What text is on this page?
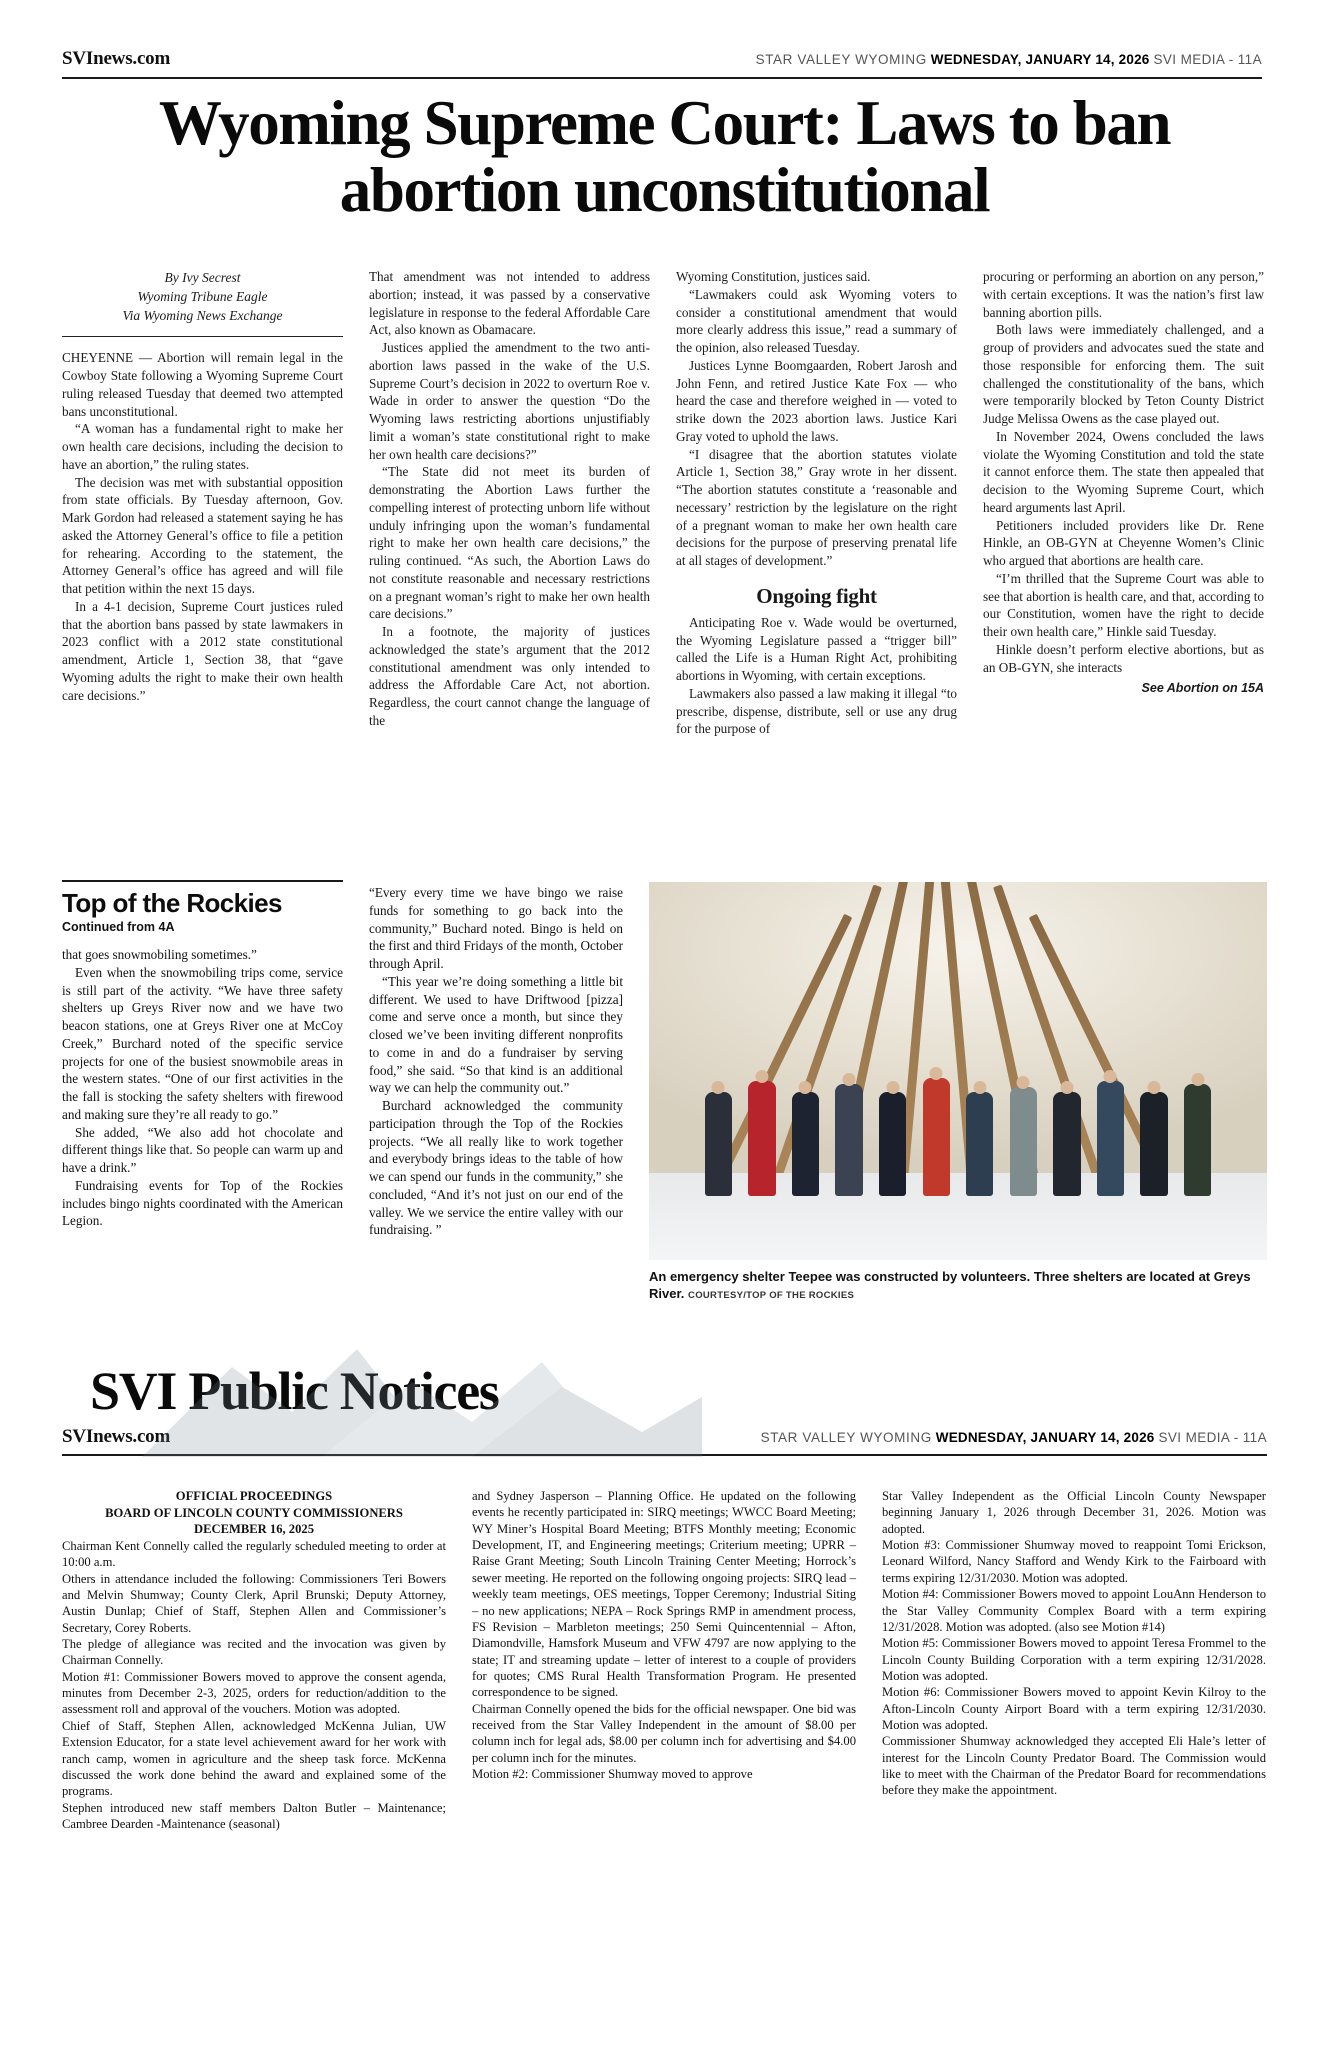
SVInews.com	STAR VALLEY WYOMING WEDNESDAY, JANUARY 14, 2026 SVI MEDIA - 11A
Wyoming Supreme Court: Laws to ban abortion unconstitutional
By Ivy Secrest
Wyoming Tribune Eagle
Via Wyoming News Exchange

CHEYENNE — Abortion will remain legal in the Cowboy State following a Wyoming Supreme Court ruling released Tuesday that deemed two attempted bans unconstitutional.

“A woman has a fundamental right to make her own health care decisions, including the decision to have an abortion,” the ruling states.

The decision was met with substantial opposition from state officials. By Tuesday afternoon, Gov. Mark Gordon had released a statement saying he has asked the Attorney General’s office to file a petition for rehearing. According to the statement, the Attorney General’s office has agreed and will file that petition within the next 15 days.

In a 4-1 decision, Supreme Court justices ruled that the abortion bans passed by state lawmakers in 2023 conflict with a 2012 state constitutional amendment, Article 1, Section 38, that “gave Wyoming adults the right to make their own health care decisions.”

That amendment was not intended to address abortion; instead, it was passed by a conservative legislature in response to the federal Affordable Care Act, also known as Obamacare.

Justices applied the amendment to the two anti-abortion laws passed in the wake of the U.S. Supreme Court’s decision in 2022 to overturn Roe v. Wade in order to answer the question “Do the Wyoming laws restricting abortions unjustifiably limit a woman’s state constitutional right to make her own health care decisions?”

“The State did not meet its burden of demonstrating the Abortion Laws further the compelling interest of protecting unborn life without unduly infringing upon the woman’s fundamental right to make her own health care decisions,” the ruling continued. “As such, the Abortion Laws do not constitute reasonable and necessary restrictions on a pregnant woman’s right to make her own health care decisions.”

In a footnote, the majority of justices acknowledged the state’s argument that the 2012 constitutional amendment was only intended to address the Affordable Care Act, not abortion. Regardless, the court cannot change the language of the

Wyoming Constitution, justices said.

“Lawmakers could ask Wyoming voters to consider a constitutional amendment that would more clearly address this issue,” read a summary of the opinion, also released Tuesday.

Justices Lynne Boomgaarden, Robert Jarosh and John Fenn, and retired Justice Kate Fox — who heard the case and therefore weighed in — voted to strike down the 2023 abortion laws. Justice Kari Gray voted to uphold the laws.

“I disagree that the abortion statutes violate Article 1, Section 38,” Gray wrote in her dissent. “The abortion statutes constitute a ‘reasonable and necessary’ restriction by the legislature on the right of a pregnant woman to make her own health care decisions for the purpose of preserving prenatal life at all stages of development.”

Ongoing fight

Anticipating Roe v. Wade would be overturned, the Wyoming Legislature passed a “trigger bill” called the Life is a Human Right Act, prohibiting abortions in Wyoming, with certain exceptions.

Lawmakers also passed a law making it illegal “to prescribe, dispense, distribute, sell or use any drug for the purpose of

procuring or performing an abortion on any person,” with certain exceptions. It was the nation’s first law banning abortion pills.

Both laws were immediately challenged, and a group of providers and advocates sued the state and those responsible for enforcing them. The suit challenged the constitutionality of the bans, which were temporarily blocked by Teton County District Judge Melissa Owens as the case played out.

In November 2024, Owens concluded the laws violate the Wyoming Constitution and told the state it cannot enforce them. The state then appealed that decision to the Wyoming Supreme Court, which heard arguments last April.

Petitioners included providers like Dr. Rene Hinkle, an OB-GYN at Cheyenne Women’s Clinic who argued that abortions are health care.

“I’m thrilled that the Supreme Court was able to see that abortion is health care, and that, according to our Constitution, women have the right to decide their own health care,” Hinkle said Tuesday.

Hinkle doesn’t perform elective abortions, but as an OB-GYN, she interacts

See Abortion on 15A
Top of the Rockies
Continued from 4A

that goes snowmobiling sometimes.”

Even when the snowmobiling trips come, service is still part of the activity. “We have three safety shelters up Greys River now and we have two beacon stations, one at Greys River one at McCoy Creek,” Burchard noted of the specific service projects for one of the busiest snowmobile areas in the western states. “One of our first activities in the the fall is stocking the safety shelters with firewood and making sure they’re all ready to go.”

She added, “We also add hot chocolate and different things like that. So people can warm up and have a drink.”

Fundraising events for Top of the Rockies includes bingo nights coordinated with the American Legion.

“Every every time we have bingo we raise funds for something to go back into the community,” Buchard noted. Bingo is held on the first and third Fridays of the month, October through April.

“This year we’re doing something a little bit different. We used to have Driftwood [pizza] come and serve once a month, but since they closed we’ve been inviting different nonprofits to come in and do a fundraiser by serving food,” she said. “So that kind is an additional way we can help the community out.”

Burchard acknowledged the community participation through the Top of the Rockies projects. “We all really like to work together and everybody brings ideas to the table of how we can spend our funds in the community,” she concluded, “And it’s not just on our end of the valley. We we service the entire valley with our fundraising. ”

An emergency shelter Teepee was constructed by volunteers. Three shelters are located at Greys River. COURTESY/TOP OF THE ROCKIES
SVI Public Notices
SVInews.com	STAR VALLEY WYOMING WEDNESDAY, JANUARY 14, 2026 SVI MEDIA - 11A

OFFICIAL PROCEEDINGS

BOARD OF LINCOLN COUNTY COMMISSIONERS

DECEMBER 16, 2025

Chairman Kent Connelly called the regularly scheduled meeting to order at 10:00 a.m.

Others in attendance included the following: Commissioners Teri Bowers and Melvin Shumway; County Clerk, April Brunski; Deputy Attorney, Austin Dunlap; Chief of Staff, Stephen Allen and Commissioner’s Secretary, Corey Roberts.

The pledge of allegiance was recited and the invocation was given by Chairman Connelly.

Motion #1: Commissioner Bowers moved to approve the consent agenda, minutes from December 2-3, 2025, orders for reduction/addition to the assessment roll and approval of the vouchers. Motion was adopted.

Chief of Staff, Stephen Allen, acknowledged McKenna Julian, UW Extension Educator, for a state level achievement award for her work with ranch camp, women in agriculture and the sheep task force. McKenna discussed the work done behind the award and explained some of the programs.

Stephen introduced new staff members Dalton Butler – Maintenance; Cambree Dearden -Maintenance (seasonal)

and Sydney Jasperson – Planning Office. He updated on the following events he recently participated in: SIRQ meetings; WWCC Board Meeting; WY Miner’s Hospital Board Meeting; BTFS Monthly meeting; Economic Development, IT, and Engineering meetings; Criterium meeting; UPRR – Raise Grant Meeting; South Lincoln Training Center Meeting; Horrock’s sewer meeting. He reported on the following ongoing projects: SIRQ lead – weekly team meetings, OES meetings, Topper Ceremony; Industrial Siting – no new applications; NEPA – Rock Springs RMP in amendment process, FS Revision – Marbleton meetings; 250 Semi Quincentennial – Afton, Diamondville, Hamsfork Museum and VFW 4797 are now applying to the state; IT and streaming update – letter of interest to a couple of providers for quotes; CMS Rural Health Transformation Program. He presented correspondence to be signed.

Chairman Connelly opened the bids for the official newspaper. One bid was received from the Star Valley Independent in the amount of $8.00 per column inch for legal ads, $8.00 per column inch for advertising and $4.00 per column inch for the minutes.

Motion #2: Commissioner Shumway moved to approve

Star Valley Independent as the Official Lincoln County Newspaper beginning January 1, 2026 through December 31, 2026. Motion was adopted.

Motion #3: Commissioner Shumway moved to reappoint Tomi Erickson, Leonard Wilford, Nancy Stafford and Wendy Kirk to the Fairboard with terms expiring 12/31/2030. Motion was adopted.

Motion #4: Commissioner Bowers moved to appoint LouAnn Henderson to the Star Valley Community Complex Board with a term expiring 12/31/2028. Motion was adopted. (also see Motion #14)

Motion #5: Commissioner Bowers moved to appoint Teresa Frommel to the Lincoln County Building Corporation with a term expiring 12/31/2028. Motion was adopted.

Motion #6: Commissioner Bowers moved to appoint Kevin Kilroy to the Afton-Lincoln County Airport Board with a term expiring 12/31/2030. Motion was adopted.

Commissioner Shumway acknowledged they accepted Eli Hale’s letter of interest for the Lincoln County Predator Board. The Commission would like to meet with the Chairman of the Predator Board for recommendations before they make the appointment.
